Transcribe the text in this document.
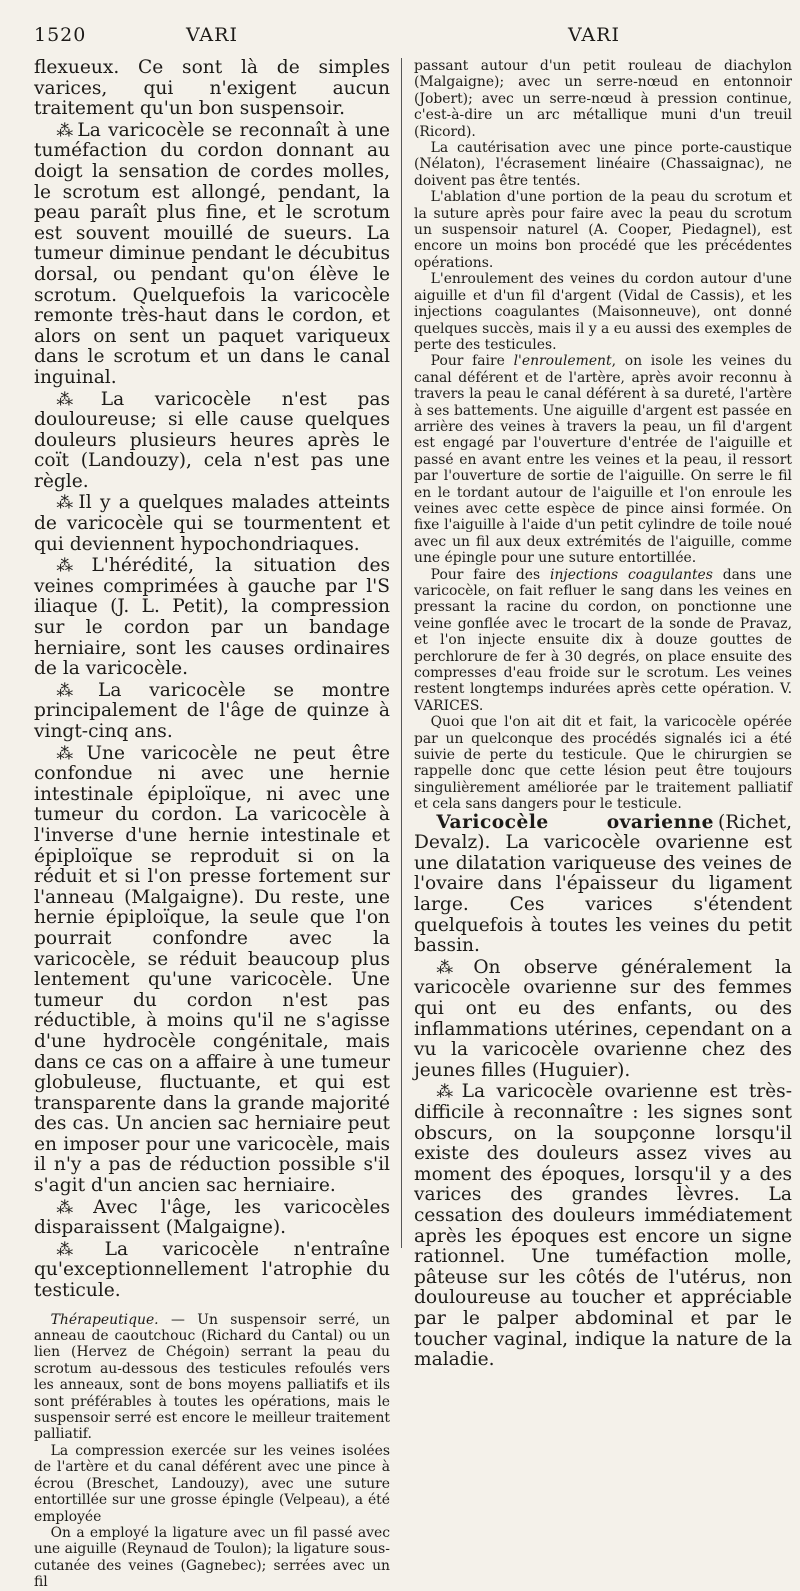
1520	VARI	VARI

flexueux. Ce sont là de simples varices, qui n'exigent aucun traitement qu'un bon suspensoir.

⁂ La varicocèle se reconnaît à une tuméfaction du cordon donnant au doigt la sensation de cordes molles, le scrotum est allongé, pendant, la peau paraît plus fine, et le scrotum est souvent mouillé de sueurs. La tumeur diminue pendant le décubitus dorsal, ou pendant qu'on élève le scrotum. Quelquefois la varicocèle remonte très-haut dans le cordon, et alors on sent un paquet variqueux dans le scrotum et un dans le canal inguinal.

⁂ La varicocèle n'est pas douloureuse; si elle cause quelques douleurs plusieurs heures après le coït (Landouzy), cela n'est pas une règle.

⁂ Il y a quelques malades atteints de varicocèle qui se tourmentent et qui deviennent hypochondriaques.

⁂ L'hérédité, la situation des veines comprimées à gauche par l'S iliaque (J. L. Petit), la compression sur le cordon par un bandage herniaire, sont les causes ordinaires de la varicocèle.

⁂ La varicocèle se montre principalement de l'âge de quinze à vingt-cinq ans.

⁂ Une varicocèle ne peut être confondue ni avec une hernie intestinale épiploïque, ni avec une tumeur du cordon. La varicocèle à l'inverse d'une hernie intestinale et épiploïque se reproduit si on la réduit et si l'on presse fortement sur l'anneau (Malgaigne). Du reste, une hernie épiploïque, la seule que l'on pourrait confondre avec la varicocèle, se réduit beaucoup plus lentement qu'une varicocèle. Une tumeur du cordon n'est pas réductible, à moins qu'il ne s'agisse d'une hydrocèle congénitale, mais dans ce cas on a affaire à une tumeur globuleuse, fluctuante, et qui est transparente dans la grande majorité des cas. Un ancien sac herniaire peut en imposer pour une varicocèle, mais il n'y a pas de réduction possible s'il s'agit d'un ancien sac herniaire.

⁂ Avec l'âge, les varicocèles disparaissent (Malgaigne).

⁂ La varicocèle n'entraîne qu'exceptionnellement l'atrophie du testicule.

Thérapeutique. — Un suspensoir serré, un anneau de caoutchouc (Richard du Cantal) ou un lien (Hervez de Chégoin) serrant la peau du scrotum au-dessous des testicules refoulés vers les anneaux, sont de bons moyens palliatifs et ils sont préférables à toutes les opérations, mais le suspensoir serré est encore le meilleur traitement palliatif.

La compression exercée sur les veines isolées de l'artère et du canal déférent avec une pince à écrou (Breschet, Landouzy), avec une suture entortillée sur une grosse épingle (Velpeau), a été employée

On a employé la ligature avec un fil passé avec une aiguille (Reynaud de Toulon); la ligature sous-cutanée des veines (Gagnebec); serrées avec un fil

passant autour d'un petit rouleau de diachylon (Malgaigne); avec un serre-nœud en entonnoir (Jobert); avec un serre-nœud à pression continue, c'est-à-dire un arc métallique muni d'un treuil (Ricord).

La cautérisation avec une pince porte-caustique (Nélaton), l'écrasement linéaire (Chassaignac), ne doivent pas être tentés.

L'ablation d'une portion de la peau du scrotum et la suture après pour faire avec la peau du scrotum un suspensoir naturel (A. Cooper, Piedagnel), est encore un moins bon procédé que les précédentes opérations.

L'enroulement des veines du cordon autour d'une aiguille et d'un fil d'argent (Vidal de Cassis), et les injections coagulantes (Maisonneuve), ont donné quelques succès, mais il y a eu aussi des exemples de perte des testicules.

Pour faire l'enroulement, on isole les veines du canal déférent et de l'artère, après avoir reconnu à travers la peau le canal déférent à sa dureté, l'artère à ses battements. Une aiguille d'argent est passée en arrière des veines à travers la peau, un fil d'argent est engagé par l'ouverture d'entrée de l'aiguille et passé en avant entre les veines et la peau, il ressort par l'ouverture de sortie de l'aiguille. On serre le fil en le tordant autour de l'aiguille et l'on enroule les veines avec cette espèce de pince ainsi formée. On fixe l'aiguille à l'aide d'un petit cylindre de toile noué avec un fil aux deux extrémités de l'aiguille, comme une épingle pour une suture entortillée.

Pour faire des injections coagulantes dans une varicocèle, on fait refluer le sang dans les veines en pressant la racine du cordon, on ponctionne une veine gonflée avec le trocart de la sonde de Pravaz, et l'on injecte ensuite dix à douze gouttes de perchlorure de fer à 30 degrés, on place ensuite des compresses d'eau froide sur le scrotum. Les veines restent longtemps indurées après cette opération. V. VARICES.

Quoi que l'on ait dit et fait, la varicocèle opérée par un quelconque des procédés signalés ici a été suivie de perte du testicule. Que le chirurgien se rappelle donc que cette lésion peut être toujours singulièrement améliorée par le traitement palliatif et cela sans dangers pour le testicule.

Varicocèle ovarienne (Richet, Devalz). La varicocèle ovarienne est une dilatation variqueuse des veines de l'ovaire dans l'épaisseur du ligament large. Ces varices s'étendent quelquefois à toutes les veines du petit bassin.

⁂ On observe généralement la varicocèle ovarienne sur des femmes qui ont eu des enfants, ou des inflammations utérines, cependant on a vu la varicocèle ovarienne chez des jeunes filles (Huguier).

⁂ La varicocèle ovarienne est très-difficile à reconnaître : les signes sont obscurs, on la soupçonne lorsqu'il existe des douleurs assez vives au moment des époques, lorsqu'il y a des varices des grandes lèvres. La cessation des douleurs immédiatement après les époques est encore un signe rationnel. Une tuméfaction molle, pâteuse sur les côtés de l'utérus, non douloureuse au toucher et appréciable par le palper abdominal et par le toucher vaginal, indique la nature de la maladie.
